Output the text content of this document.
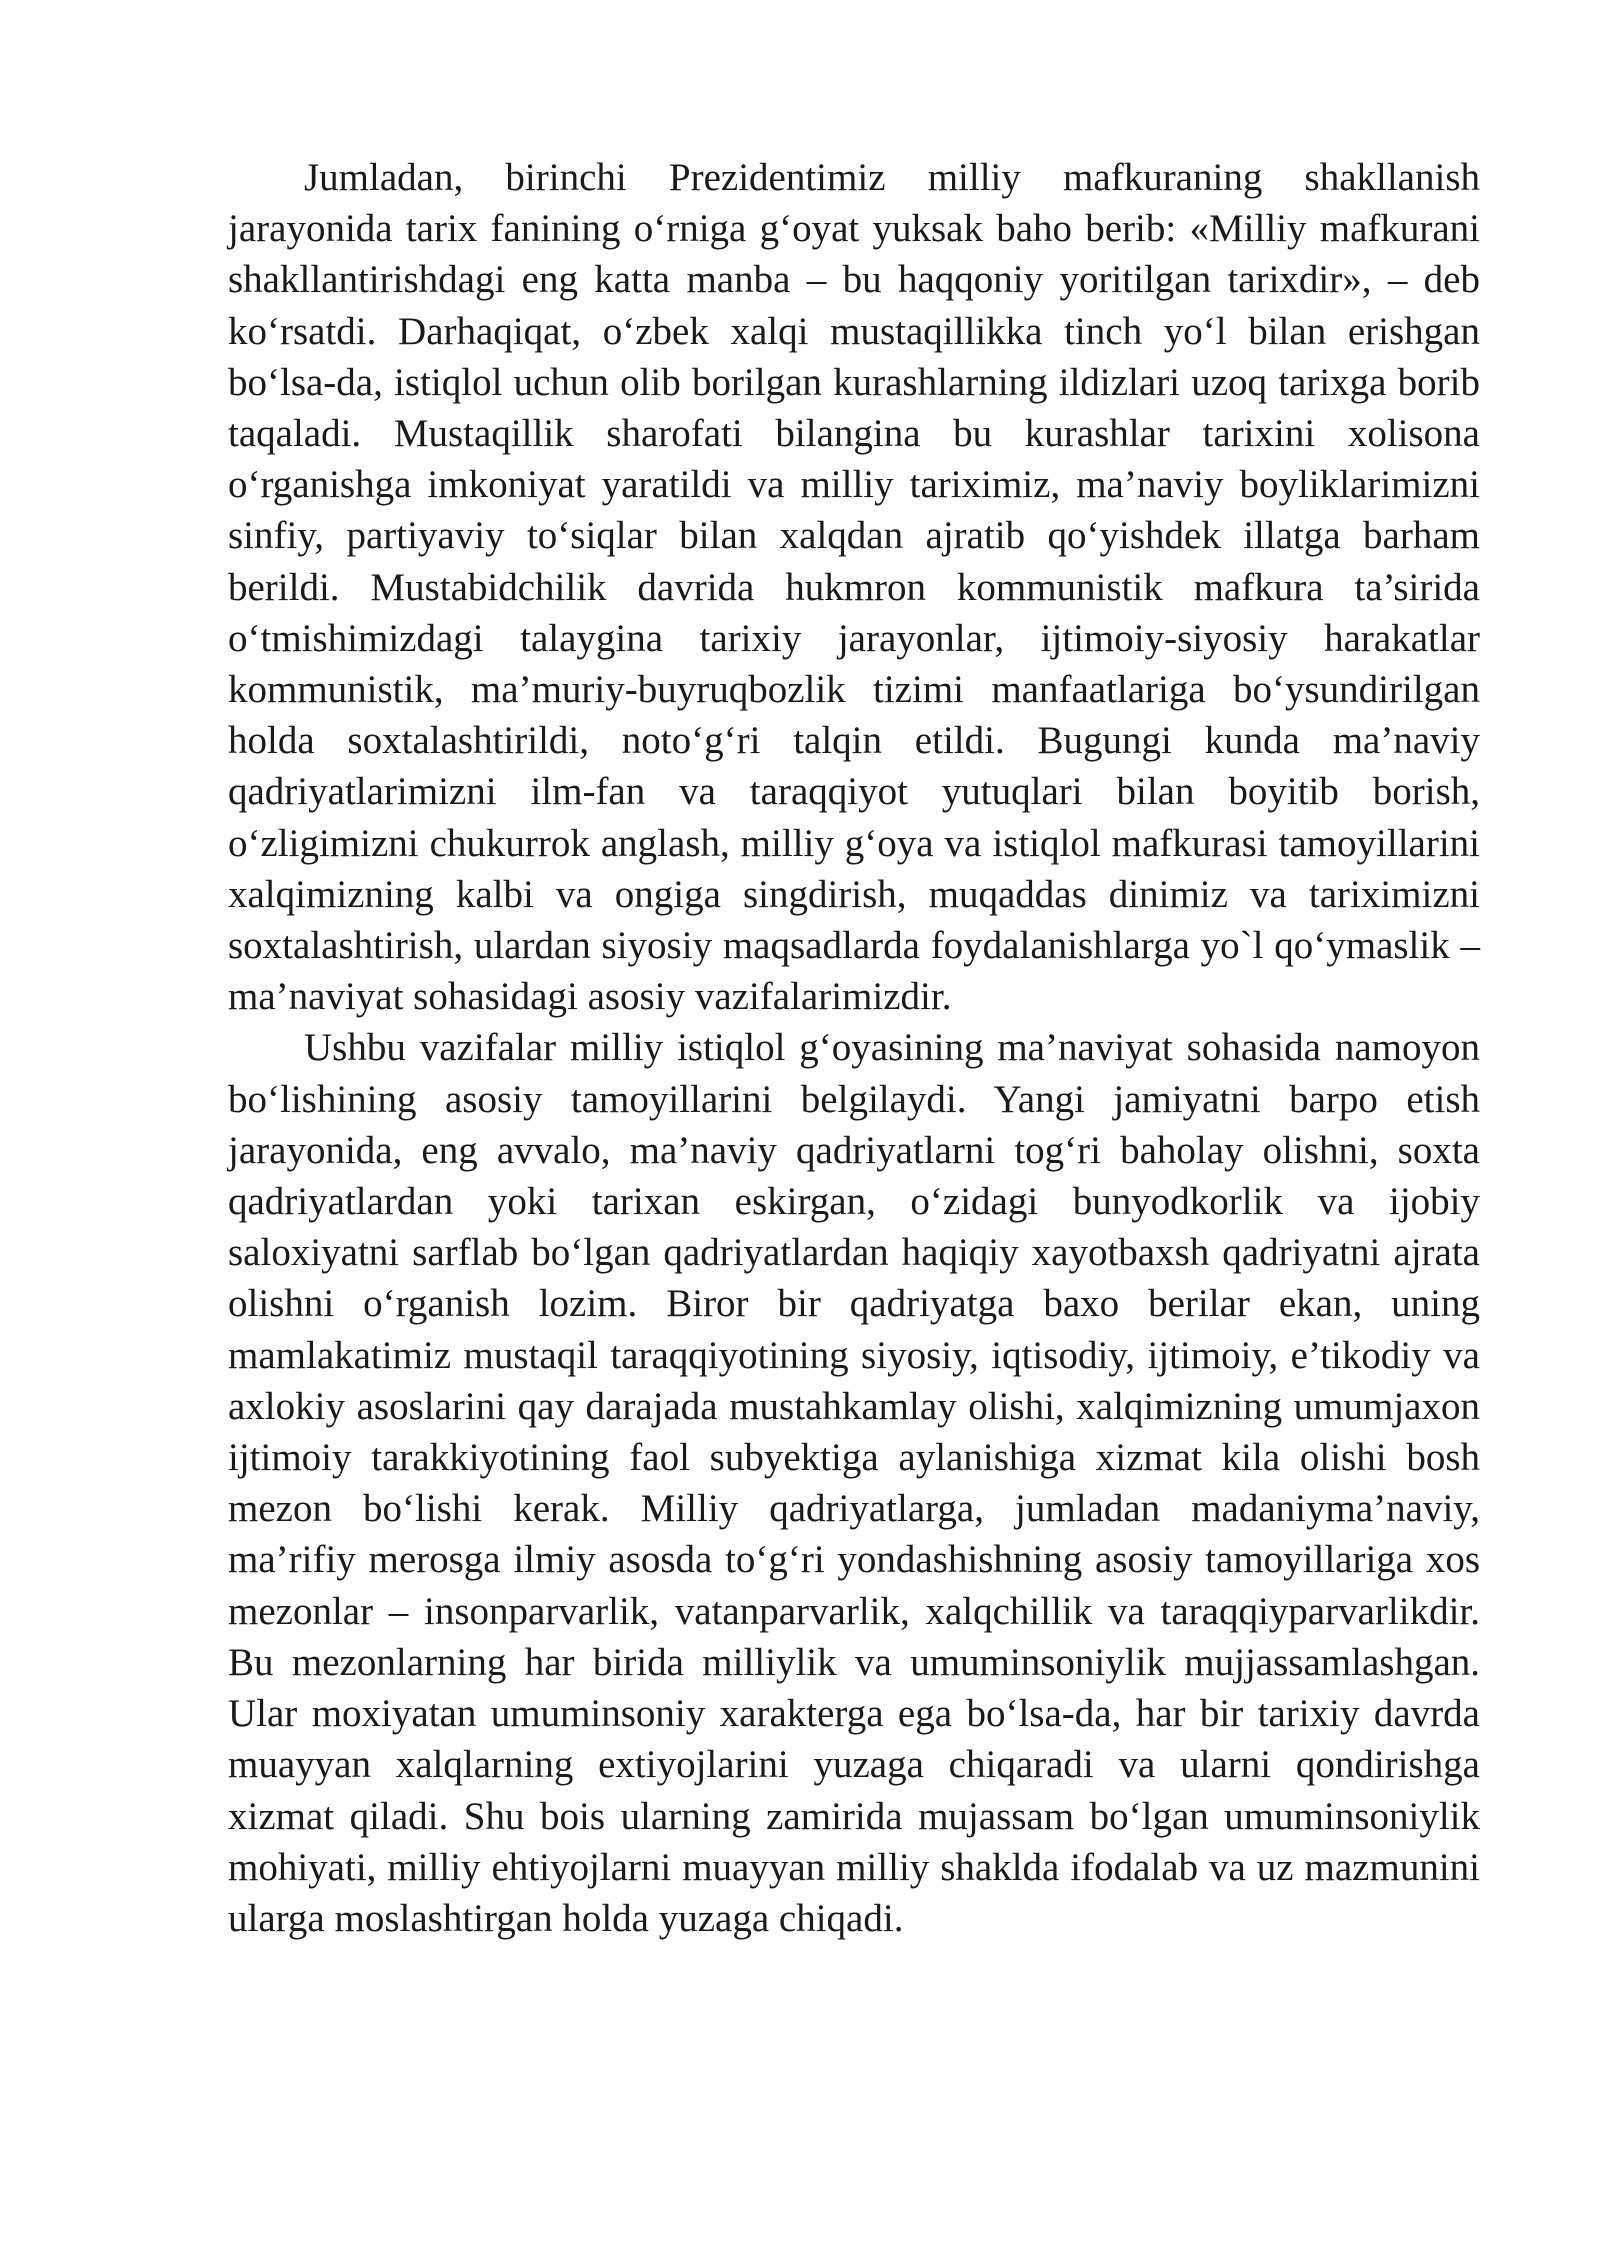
Jumladan, birinchi Prezidentimiz milliy mafkuraning shakllanish jarayonida tarix fanining o‘rniga g‘oyat yuksak baho berib: «Milliy mafkurani shakllantirishdagi eng katta manba – bu haqqoniy yoritilgan tarixdir», – deb ko‘rsatdi. Darhaqiqat, o‘zbek xalqi mustaqillikka tinch yo‘l bilan erishgan bo‘lsa-da, istiqlol uchun olib borilgan kurashlarning ildizlari uzoq tarixga borib taqaladi. Mustaqillik sharofati bilangina bu kurashlar tarixini xolisona o‘rganishga imkoniyat yaratildi va milliy tariximiz, ma’naviy boyliklarimizni sinfiy, partiyaviy to‘siqlar bilan xalqdan ajratib qo‘yishdek illatga barham berildi. Mustabidchilik davrida hukmron kommunistik mafkura ta’sirida o‘tmishimizdagi talaygina tarixiy jarayonlar, ijtimoiy-siyosiy harakatlar kommunistik, ma’muriy-buyruqbozlik tizimi manfaatlariga bo‘ysundirilgan holda soxtalashtirildi, noto‘g‘ri talqin etildi. Bugungi kunda ma’naviy qadriyatlarimizni ilm-fan va taraqqiyot yutuqlari bilan boyitib borish, o‘zligimizni chukurrok anglash, milliy g‘oya va istiqlol mafkurasi tamoyillarini xalqimizning kalbi va ongiga singdirish, muqaddas dinimiz va tariximizni soxtalashtirish, ulardan siyosiy maqsadlarda foydalanishlarga yo`l qo‘ymaslik – ma’naviyat sohasidagi asosiy vazifalarimizdir.

Ushbu vazifalar milliy istiqlol g‘oyasining ma’naviyat sohasida namoyon bo‘lishining asosiy tamoyillarini belgilaydi. Yangi jamiyatni barpo etish jarayonida, eng avvalo, ma’naviy qadriyatlarni tog‘ri baholay olishni, soxta qadriyatlardan yoki tarixan eskirgan, o‘zidagi bunyodkorlik va ijobiy saloxiyatni sarflab bo‘lgan qadriyatlardan haqiqiy xayotbaxsh qadriyatni ajrata olishni o‘rganish lozim. Biror bir qadriyatga baxo berilar ekan, uning mamlakatimiz mustaqil taraqqiyotining siyosiy, iqtisodiy, ijtimoiy, e’tikodiy va axlokiy asoslarini qay darajada mustahkamlay olishi, xalqimizning umumjaxon ijtimoiy tarakkiyotining faol subyektiga aylanishiga xizmat kila olishi bosh mezon bo‘lishi kerak. Milliy qadriyatlarga, jumladan madaniyma’naviy, ma’rifiy merosga ilmiy asosda to‘g‘ri yondashishning asosiy tamoyillariga xos mezonlar – insonparvarlik, vatanparvarlik, xalqchillik va taraqqiyparvarlikdir. Bu mezonlarning har birida milliylik va umuminsoniylik mujjassamlashgan. Ular moxiyatan umuminsoniy xarakterga ega bo‘lsa-da, har bir tarixiy davrda muayyan xalqlarning extiyojlarini yuzaga chiqaradi va ularni qondirishga xizmat qiladi. Shu bois ularning zamirida mujassam bo‘lgan umuminsoniylik mohiyati, milliy ehtiyojlarni muayyan milliy shaklda ifodalab va uz mazmunini ularga moslashtirgan holda yuzaga chiqadi.
